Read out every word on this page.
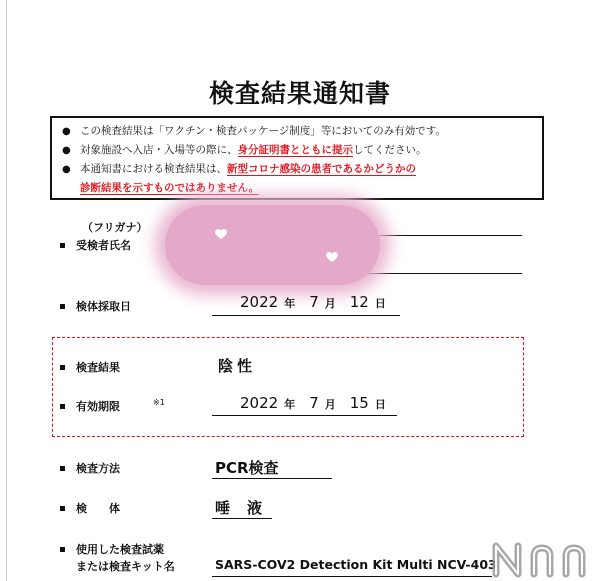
検査結果通知書
● この検査結果は「ワクチン・検査パッケージ制度」等においてのみ有効です。
● 対象施設へ入店・入場等の際に、身分証明書とともに提示してください。
● 本通知書における検査結果は、新型コロナ感染の患者であるかどうかの
診断結果を示すものではありません。
（フリガナ）
受検者氏名
検体採取日	2022 年 7 月 12 日
検査結果	陰性
有効期限	※1	2022 年 7 月 15 日
検査方法	PCR検査
検　　体	唾　液
使用した検査試薬
または検査キット名	SARS-COV2 Detection Kit Multi NCV-403
